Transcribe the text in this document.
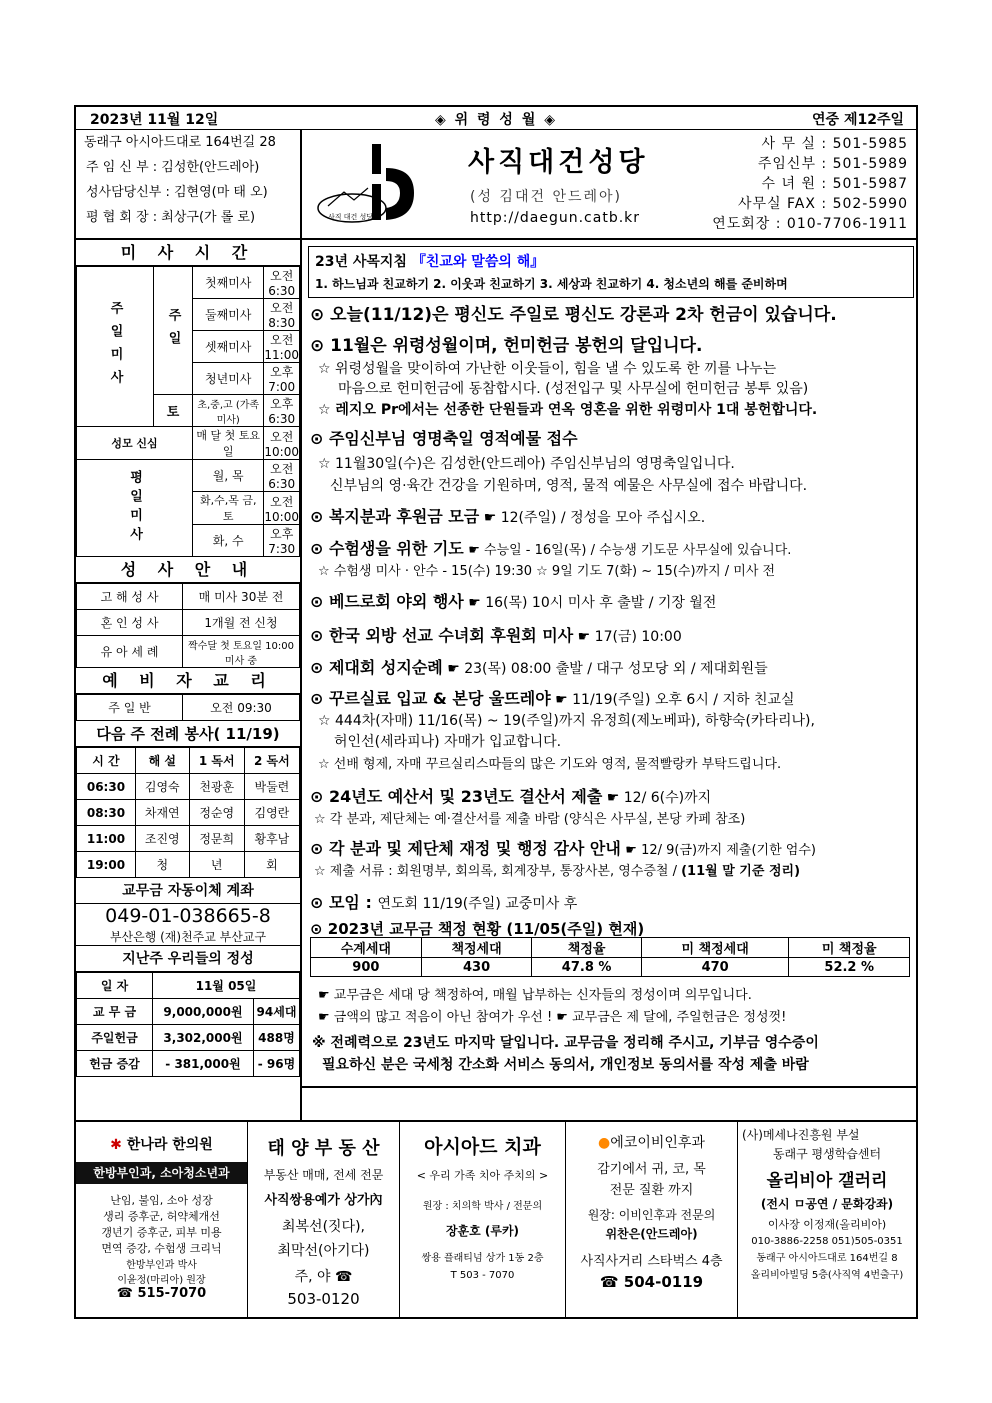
2023년 11월 12일	◈ 위 령 성 월 ◈	연중 제12주일
동래구 아시아드대로 164번길 28
주 임 신 부 : 김성한(안드레아)
성사담당신부 : 김현영(마 태 오)
평 협 회 장 : 최상구(가 롤 로)	사직 대건 성당
사직대건성당
(성 김대건 안드레아)
http://daegun.catb.kr
사 무 실 : 501-5985
주임신부 : 501-5989
수 녀 원 : 501-5987
사무실 FAX : 502-5990
연도회장 : 010-7706-1911
미 사 시 간
주일미사	주일	첫째미사	오전 6:30
		둘째미사	오전 8:30
		셋째미사	오전 11:00
		청년미사	오후 7:00
	토	초,중,고 (가족미사)	오후 6:30
성모 신심		매 달 첫 토요일	오전 10:00
평일미사		월, 목	오전 6:30
		화,수,목 금, 토	오전 10:00
		화, 수	오후 7:30
성 사 안 내
고 해 성 사	매 미사 30분 전
혼 인 성 사	1개월 전 신청
유 아 세 례	짝수달 첫 토요일 10:00 미사 중
예 비 자 교 리
주 일 반	오전 09:30
다음 주 전례 봉사( 11/19)
시 간	해 설	1 독서	2 독서
06:30	김영숙	천광훈	박둘련
08:30	차재연	정순영	김영란
11:00	조진영	정문희	황후남
19:00	청	년	회
교무금 자동이체 계좌
049-01-038665-8
부산은행 (재)천주교 부산교구
지난주 우리들의 정성
일 자	11월 05일	
교 무 금	9,000,000원	94세대
주일헌금	3,302,000원	488명
헌금 증감	- 381,000원	- 96명
23년 사목지침 『친교와 말씀의 해』
1. 하느님과 친교하기 2. 이웃과 친교하기 3. 세상과 친교하기 4. 청소년의 해를 준비하며
⊙ 오늘(11/12)은 평신도 주일로 평신도 강론과 2차 헌금이 있습니다.
⊙ 11월은 위령성월이며, 헌미헌금 봉헌의 달입니다.
☆ 위령성월을 맞이하여 가난한 이웃들이, 힘을 낼 수 있도록 한 끼를 나누는
마음으로 헌미헌금에 동참합시다. (성전입구 및 사무실에 헌미헌금 봉투 있음)
☆ 레지오 Pr에서는 선종한 단원들과 연옥 영혼을 위한 위령미사 1대 봉헌합니다.
⊙ 주임신부님 영명축일 영적예물 접수
☆ 11월30일(수)은 김성한(안드레아) 주임신부님의 영명축일입니다.
신부님의 영·육간 건강을 기원하며, 영적, 물적 예물은 사무실에 접수 바랍니다.
⊙ 복지분과 후원금 모금 ☛ 12(주일) / 정성을 모아 주십시오.
⊙ 수험생을 위한 기도 ☛ 수능일 - 16일(목) / 수능생 기도문 사무실에 있습니다.
☆ 수험생 미사 · 안수 - 15(수) 19:30 ☆ 9일 기도 7(화) ~ 15(수)까지 / 미사 전
⊙ 베드로회 야외 행사 ☛ 16(목) 10시 미사 후 출발 / 기장 월전
⊙ 한국 외방 선교 수녀회 후원회 미사 ☛ 17(금) 10:00
⊙ 제대회 성지순례 ☛ 23(목) 08:00 출발 / 대구 성모당 외 / 제대회원들
⊙ 꾸르실료 입교 & 본당 울뜨레야 ☛ 11/19(주일) 오후 6시 / 지하 친교실
☆ 444차(자매) 11/16(목) ~ 19(주일)까지 유정희(제노베파), 하향숙(카타리나),
허인선(세라피나) 자매가 입교합니다.
☆ 선배 형제, 자매 꾸르실리스따들의 많은 기도와 영적, 물적빨랑카 부탁드립니다.
⊙ 24년도 예산서 및 23년도 결산서 제출 ☛ 12/ 6(수)까지
☆ 각 분과, 제단체는 예·결산서를 제출 바람 (양식은 사무실, 본당 카페 참조)
⊙ 각 분과 및 제단체 재정 및 행정 감사 안내 ☛ 12/ 9(금)까지 제출(기한 엄수)
☆ 제출 서류 : 회원명부, 회의록, 회계장부, 통장사본, 영수증철 / (11월 말 기준 정리)
⊙ 모임 : 연도회 11/19(주일) 교중미사 후
⊙ 2023년 교무금 책정 현황 (11/05(주일) 현재)
수계세대	책정세대	책정율	미 책정세대	미 책정율
900	430	47.8 %	470	52.2 %
☛ 교무금은 세대 당 책정하여, 매월 납부하는 신자들의 정성이며 의무입니다.
☛ 금액의 많고 적음이 아닌 참여가 우선 ! ☛ 교무금은 제 달에, 주일헌금은 정성껏!
※ 전례력으로 23년도 마지막 달입니다. 교무금을 정리해 주시고, 기부금 영수증이
필요하신 분은 국세청 간소화 서비스 동의서, 개인정보 동의서를 작성 제출 바람
✱ 한나라 한의원
한방부인과, 소아청소년과
난임, 불임, 소아 성장
생리 증후군, 허약체개선
갱년기 증후군, 피부 미용
면역 증강, 수험생 크리닉
한방부인과 박사
이윤정(마리아) 원장
☎ 515-7070
태 양 부 동 산
부동산 매매, 전세 전문
사직쌍용예가 상가內
최복선(짓다),
최막선(아기다)
주, 야 ☎
503-0120
아시아드 치과
< 우리 가족 치아 주치의 >
원장 : 치의학 박사 / 전문의
장훈호 (루카)
쌍용 플래티넘 상가 1동 2층
T 503 - 7070
●에코이비인후과
감기에서 귀, 코, 목
전문 질환 까지
원장: 이비인후과 전문의
위찬은(안드레아)
사직사거리 스타벅스 4층
☎ 504-0119
(사)메세나진흥원 부설
동래구 평생학습센터
올리비아 갤러리
(전시 ㅁ공연 / 문화강좌)
이사장 이정재(올리비아)
010-3886-2258 051)505-0351
동래구 아시아드대로 164번길 8
올리비아빌딩 5층(사직역 4번출구)
